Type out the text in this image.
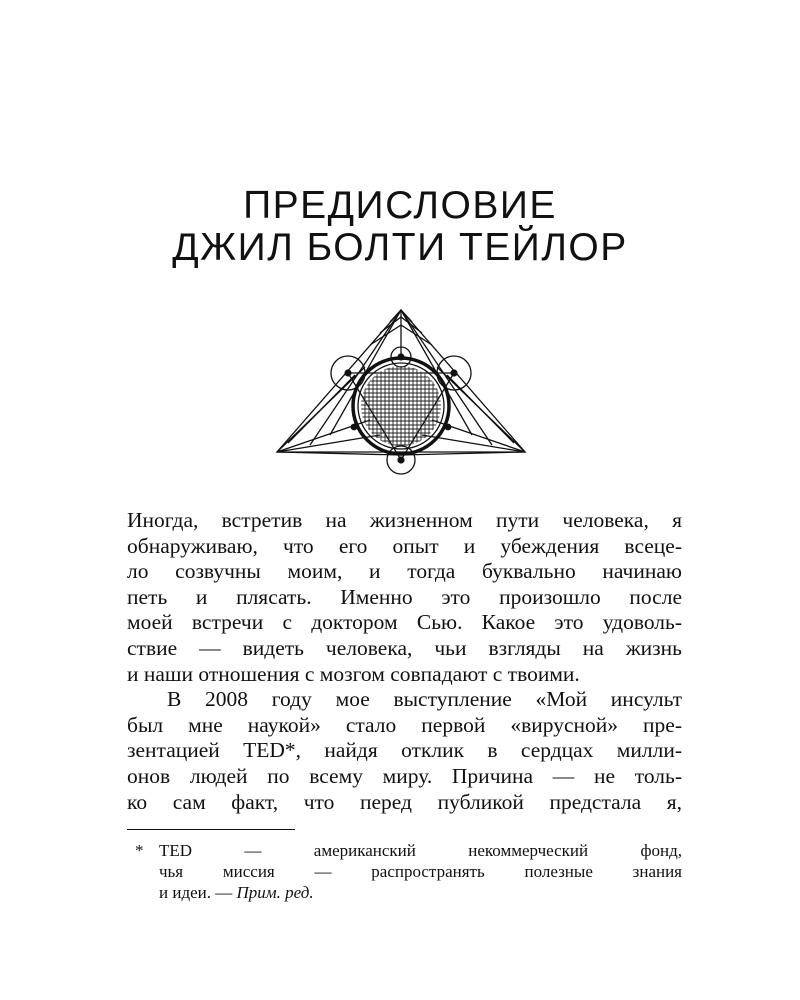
ПРЕДИСЛОВИЕ
ДЖИЛ БОЛТИ ТЕЙЛОР
Иногда, встретив на жизненном пути человека, я
обнаруживаю, что его опыт и убеждения всеце-
ло созвучны моим, и тогда буквально начинаю
петь и плясать. Именно это произошло после
моей встречи с доктором Сью. Какое это удоволь-
ствие — видеть человека, чьи взгляды на жизнь
и наши отношения с мозгом совпадают с твоими.
В 2008 году мое выступление «Мой инсульт
был мне наукой» стало первой «вирусной» пре-
зентацией TED*, найдя отклик в сердцах милли-
онов людей по всему миру. Причина — не толь-
ко сам факт, что перед публикой предстала я,
* TED — американский некоммерческий фонд,
чья миссия — распространять полезные знания
и идеи. — Прим. ред.
